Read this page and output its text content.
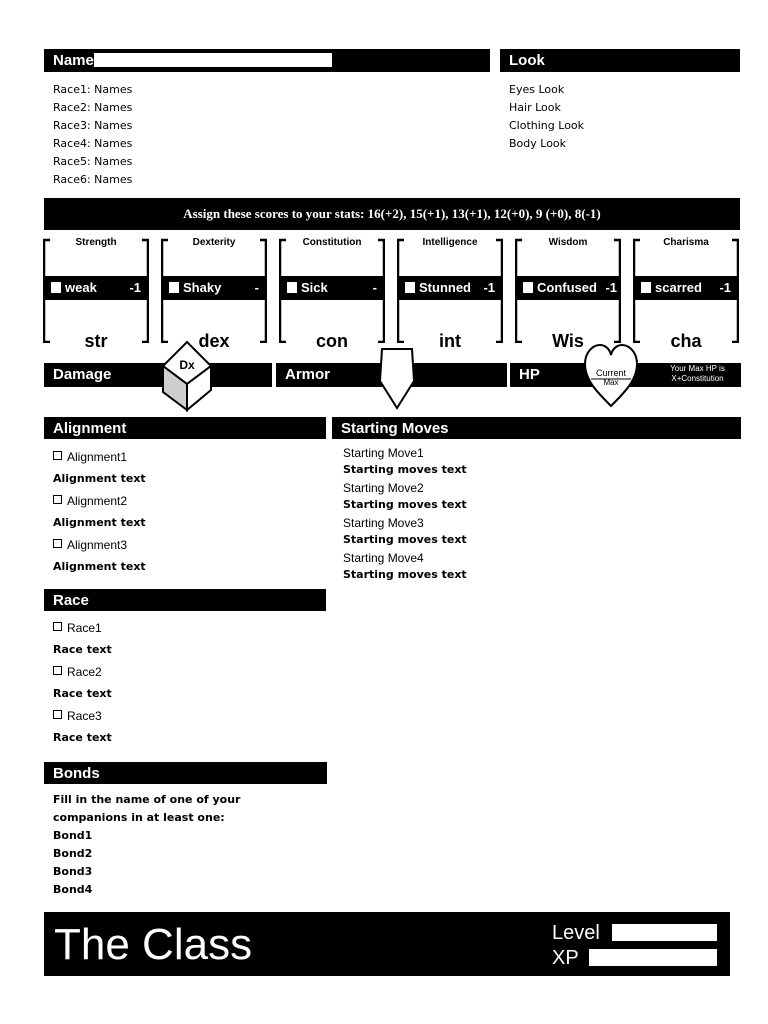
Name
Race1: Names
Race2: Names
Race3: Names
Race4: Names
Race5: Names
Race6: Names
Look
Eyes Look
Hair Look
Clothing Look
Body Look
Assign these scores to your stats: 16(+2), 15(+1), 13(+1), 12(+0), 9 (+0), 8(-1)
Strength
weak	-1
str
Dexterity
Shaky	-
dex
Constitution
Sick	-
con
Intelligence
Stunned -1
int
Wisdom
Confused -1
Wis
Charisma
scarred -1
cha
Damage
Dx
Armor	HP	Your Max HP is X+Constitution
Current
Max
Alignment
Alignment1
Alignment text
Alignment2
Alignment text
Alignment3
Alignment text
Starting Moves
Starting Move1
Starting moves text
Starting Move2
Starting moves text
Starting Move3
Starting moves text
Starting Move4
Starting moves text
Race
Race1
Race text
Race2
Race text
Race3
Race text
Bonds
Fill in the name of one of your companions in at least one:
Bond1
Bond2
Bond3
Bond4
The Class	Level
XP
